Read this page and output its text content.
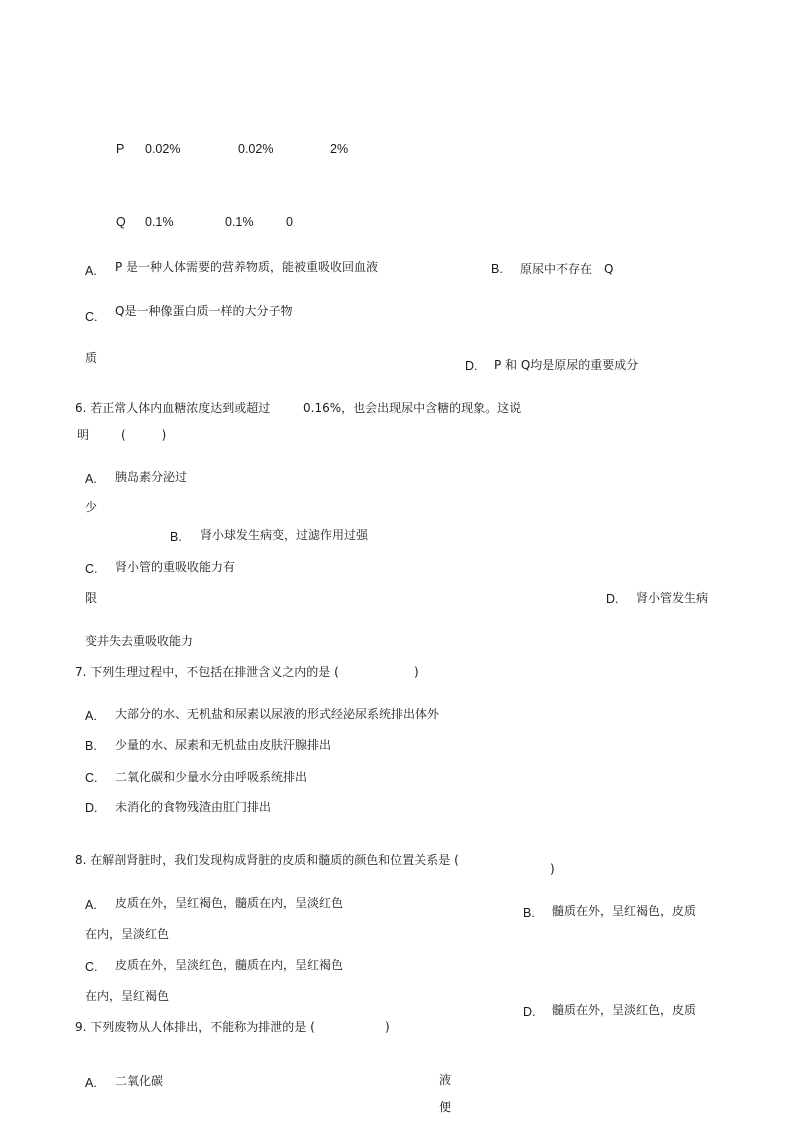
P 0.02%	0.02%	2%
Q 0.1%	0.1%	0
A. P 是一种人体需要的营养物质，能被重吸收回血液	B. 原尿中不存在　Q
C. Q是一种像蛋白质一样的大分子物
质
D. P 和 Q均是原尿的重要成分
6. 若正常人体内血糖浓度达到或超过	0.16%，也会出现尿中含糖的现象。这说
明	(　　　)
A. 胰岛素分泌过
少
B. 肾小球发生病变，过滤作用过强
C. 肾小管的重吸收能力有
限	D. 肾小管发生病
变并失去重吸收能力
7. 下列生理过程中，不包括在排泄含义之内的是 (	)
A. 大部分的水、无机盐和尿素以尿液的形式经泌尿系统排出体外
B. 少量的水、尿素和无机盐由皮肤汗腺排出
C. 二氧化碳和少量水分由呼吸系统排出
D. 未消化的食物残渣由肛门排出
8. 在解剖肾脏时，我们发现构成肾脏的皮质和髓质的颜色和位置关系是 (
)
A. 皮质在外，呈红褐色，髓质在内，呈淡红色
B. 髓质在外，呈红褐色，皮质
在内，呈淡红色
C. 皮质在外，呈淡红色，髓质在内，呈红褐色
在内，呈红褐色
D. 髓质在外，呈淡红色，皮质
9. 下列废物从人体排出，不能称为排泄的是 (	)
A. 二氧化碳	液
便
